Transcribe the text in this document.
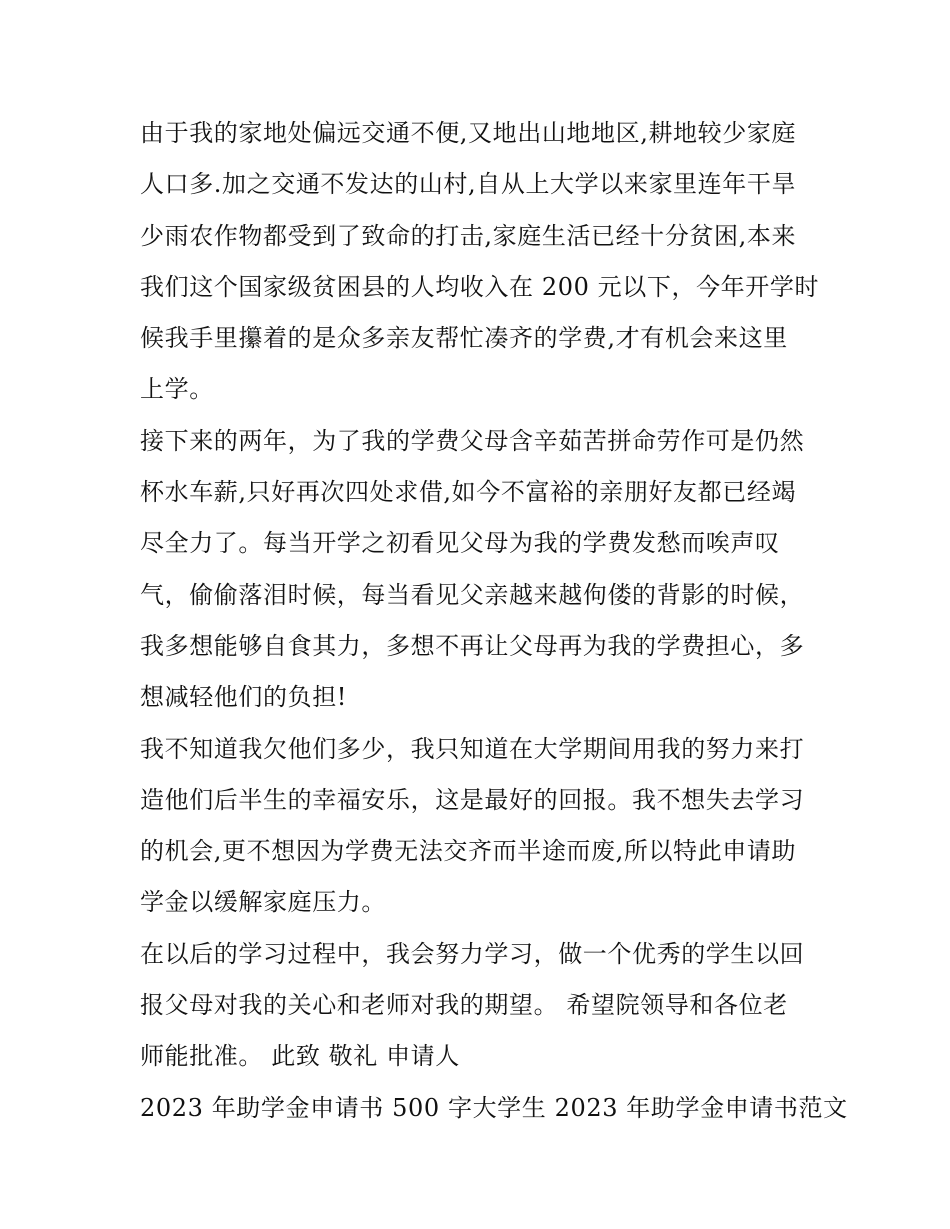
由于我的家地处偏远交通不便,又地出山地地区,耕地较少家庭
人口多.加之交通不发达的山村,自从上大学以来家里连年干旱
少雨农作物都受到了致命的打击,家庭生活已经十分贫困,本来
我们这个国家级贫困县的人均收入在 200 元以下，今年开学时
候我手里攥着的是众多亲友帮忙凑齐的学费,才有机会来这里
上学。
接下来的两年，为了我的学费父母含辛茹苦拼命劳作可是仍然
杯水车薪,只好再次四处求借,如今不富裕的亲朋好友都已经竭
尽全力了。每当开学之初看见父母为我的学费发愁而唉声叹
气，偷偷落泪时候，每当看见父亲越来越佝偻的背影的时候，
我多想能够自食其力，多想不再让父母再为我的学费担心，多
想减轻他们的负担!
我不知道我欠他们多少，我只知道在大学期间用我的努力来打
造他们后半生的幸福安乐，这是最好的回报。我不想失去学习
的机会,更不想因为学费无法交齐而半途而废,所以特此申请助
学金以缓解家庭压力。
在以后的学习过程中，我会努力学习，做一个优秀的学生以回
报父母对我的关心和老师对我的期望。 希望院领导和各位老
师能批准。 此致 敬礼 申请人
2023 年助学金申请书 500 字大学生 2023 年助学金申请书范文
